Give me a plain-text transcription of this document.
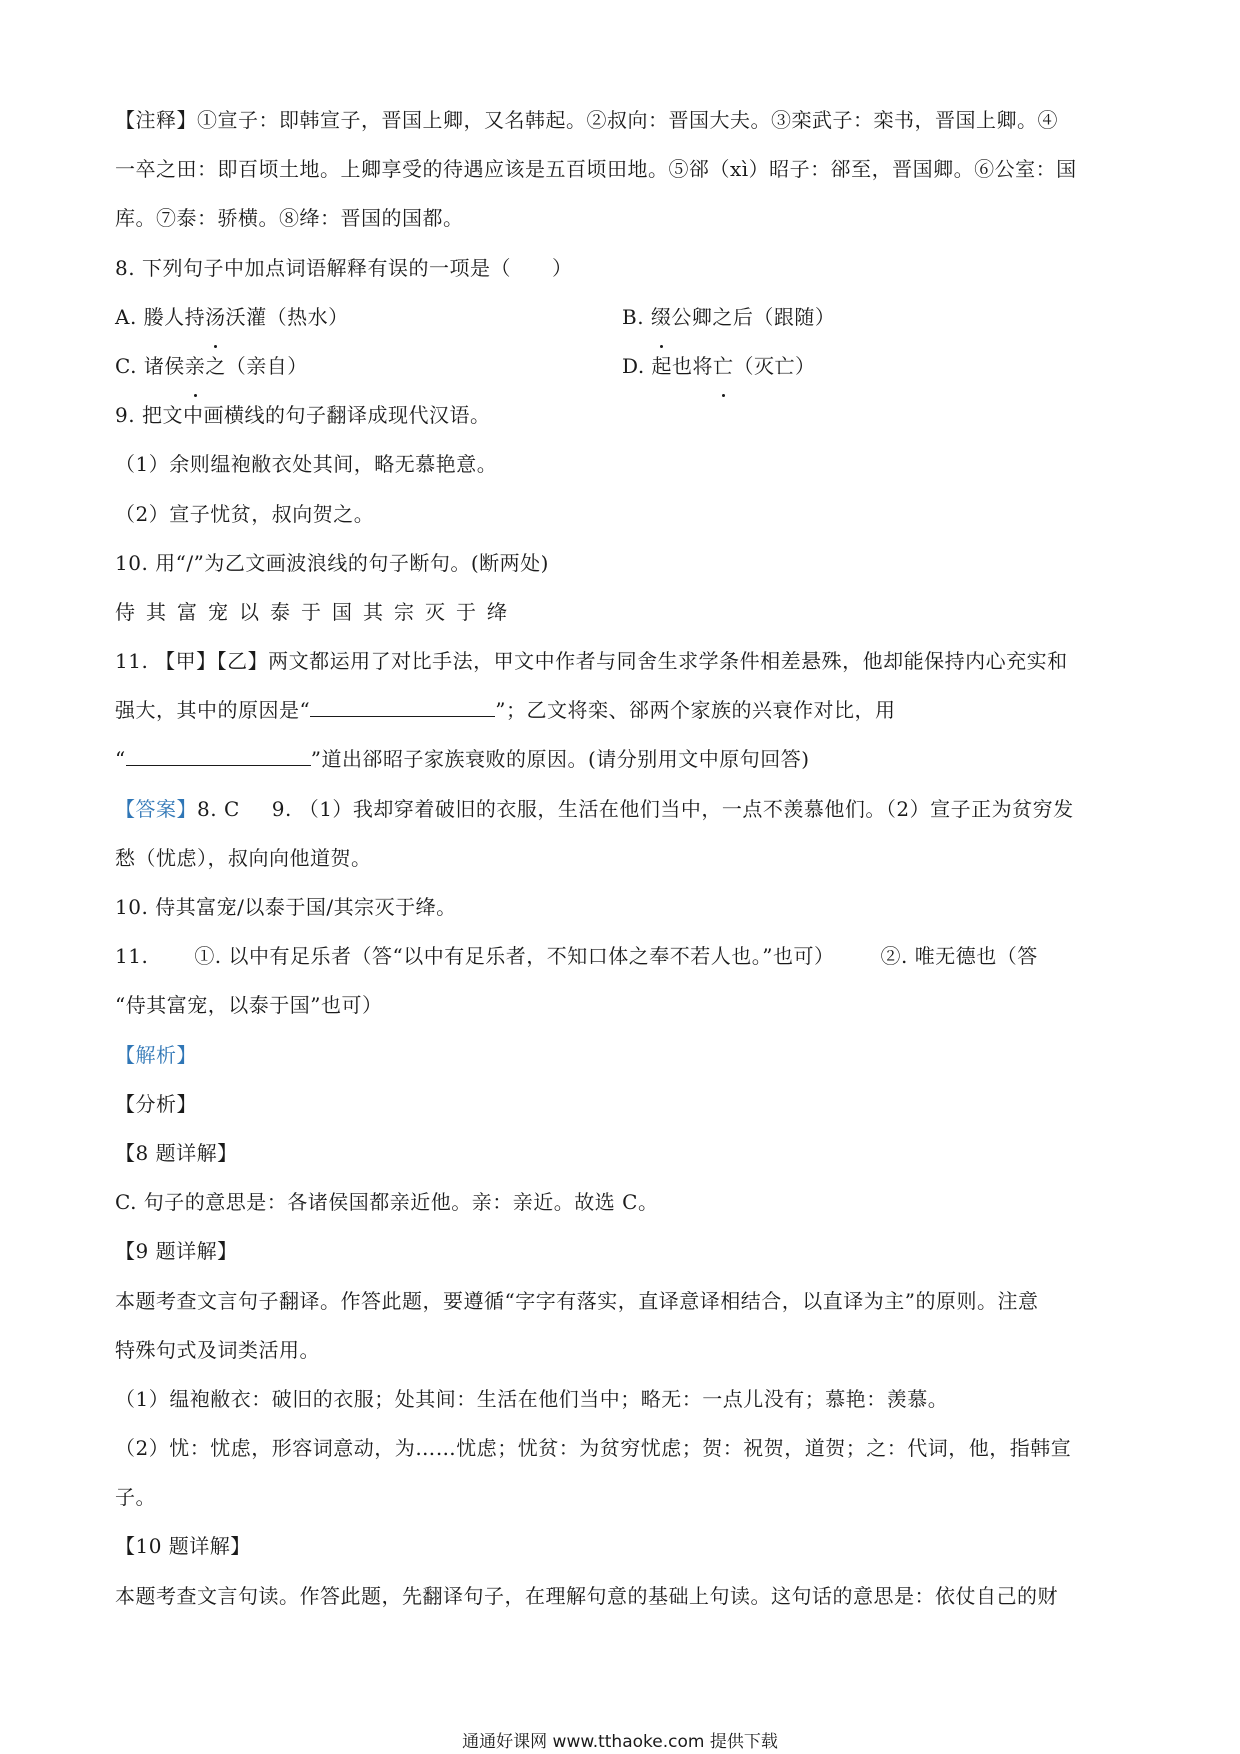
【注释】①宣子：即韩宣子，晋国上卿，又名韩起。②叔向：晋国大夫。③栾武子：栾书，晋国上卿。④
一卒之田：即百顷土地。上卿享受的待遇应该是五百顷田地。⑤郤（xì）昭子：郤至，晋国卿。⑥公室：国
库。⑦泰：骄横。⑧绛：晋国的国都。
8. 下列句子中加点词语解释有误的一项是（　　）
A. 媵人持汤沃灌（热水）	B. 缀公卿之后（跟随）
C. 诸侯亲之（亲自）	D. 起也将亡（灭亡）
9. 把文中画横线的句子翻译成现代汉语。
（1）余则缊袍敝衣处其间，略无慕艳意。
（2）宣子忧贫，叔向贺之。
10. 用“/”为乙文画波浪线的句子断句。(断两处)
侍其富宠以泰于国其宗灭于绛
11. 【甲】【乙】两文都运用了对比手法，甲文中作者与同舍生求学条件相差悬殊，他却能保持内心充实和
强大，其中的原因是“	”；乙文将栾、郤两个家族的兴衰作对比，用
“	”道出郤昭子家族衰败的原因。(请分别用文中原句回答)
【答案】8. C 9. （1）我却穿着破旧的衣服，生活在他们当中，一点不羡慕他们。（2）宣子正为贫穷发
愁（忧虑），叔向向他道贺。
10. 侍其富宠/以泰于国/其宗灭于绛。
11. ①. 以中有足乐者（答“以中有足乐者，不知口体之奉不若人也。”也可） ②. 唯无德也（答
“侍其富宠，以泰于国”也可）
【解析】
【分析】
【8 题详解】
C. 句子的意思是：各诸侯国都亲近他。亲：亲近。故选 C。
【9 题详解】
本题考查文言句子翻译。作答此题，要遵循“字字有落实，直译意译相结合，以直译为主”的原则。注意
特殊句式及词类活用。
（1）缊袍敝衣：破旧的衣服；处其间：生活在他们当中；略无：一点儿没有；慕艳：羡慕。
（2）忧：忧虑，形容词意动，为……忧虑；忧贫：为贫穷忧虑；贺：祝贺，道贺；之：代词，他，指韩宣
子。
【10 题详解】
本题考查文言句读。作答此题，先翻译句子，在理解句意的基础上句读。这句话的意思是：依仗自己的财
通通好课网 www.tthaoke.com 提供下载
